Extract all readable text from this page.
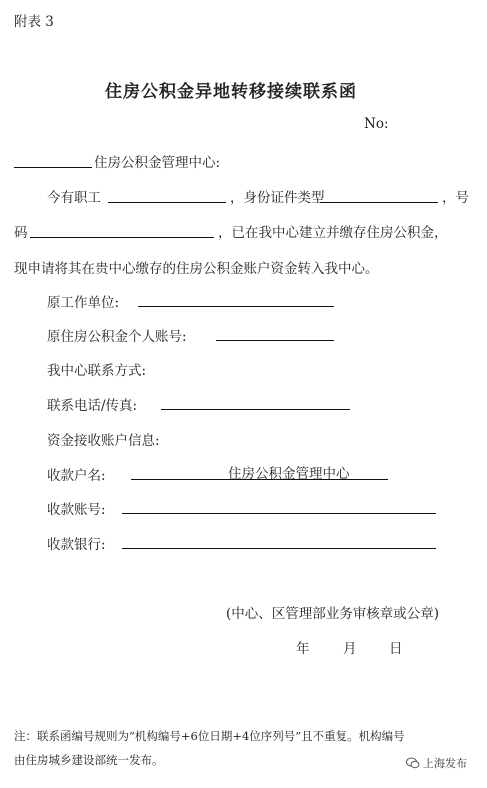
附表 3
住房公积金异地转移接续联系函
No:
住房公积金管理中心:
今有职工	，身份证件类型	，号
码	，已在我中心建立并缴存住房公积金，
现申请将其在贵中心缴存的住房公积金账户资金转入我中心。
原工作单位:
原住房公积金个人账号:
我中心联系方式:
联系电话/传真:
资金接收账户信息:
收款户名:	住房公积金管理中心
收款账号:
收款银行:
(中心、区管理部业务审核章或公章)
年 月 日
注：联系函编号规则为“机构编号+6位日期+4位序列号”且不重复。机构编号
由住房城乡建设部统一发布。	上海发布
